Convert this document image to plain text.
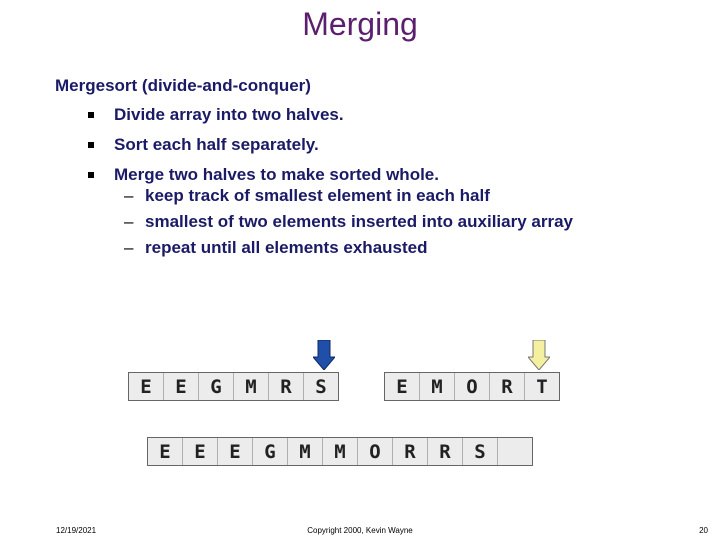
Merging
Mergesort (divide-and-conquer)
Divide array into two halves.
Sort each half separately.
Merge two halves to make sorted whole.
– keep track of smallest element in each half
– smallest of two elements inserted into auxiliary array
– repeat until all elements exhausted
E	E	G	M	R	S	E	M	O	R	T
E	E	E	G	M	M	O	R	R	S
12/19/2021	Copyright 2000, Kevin Wayne	20
